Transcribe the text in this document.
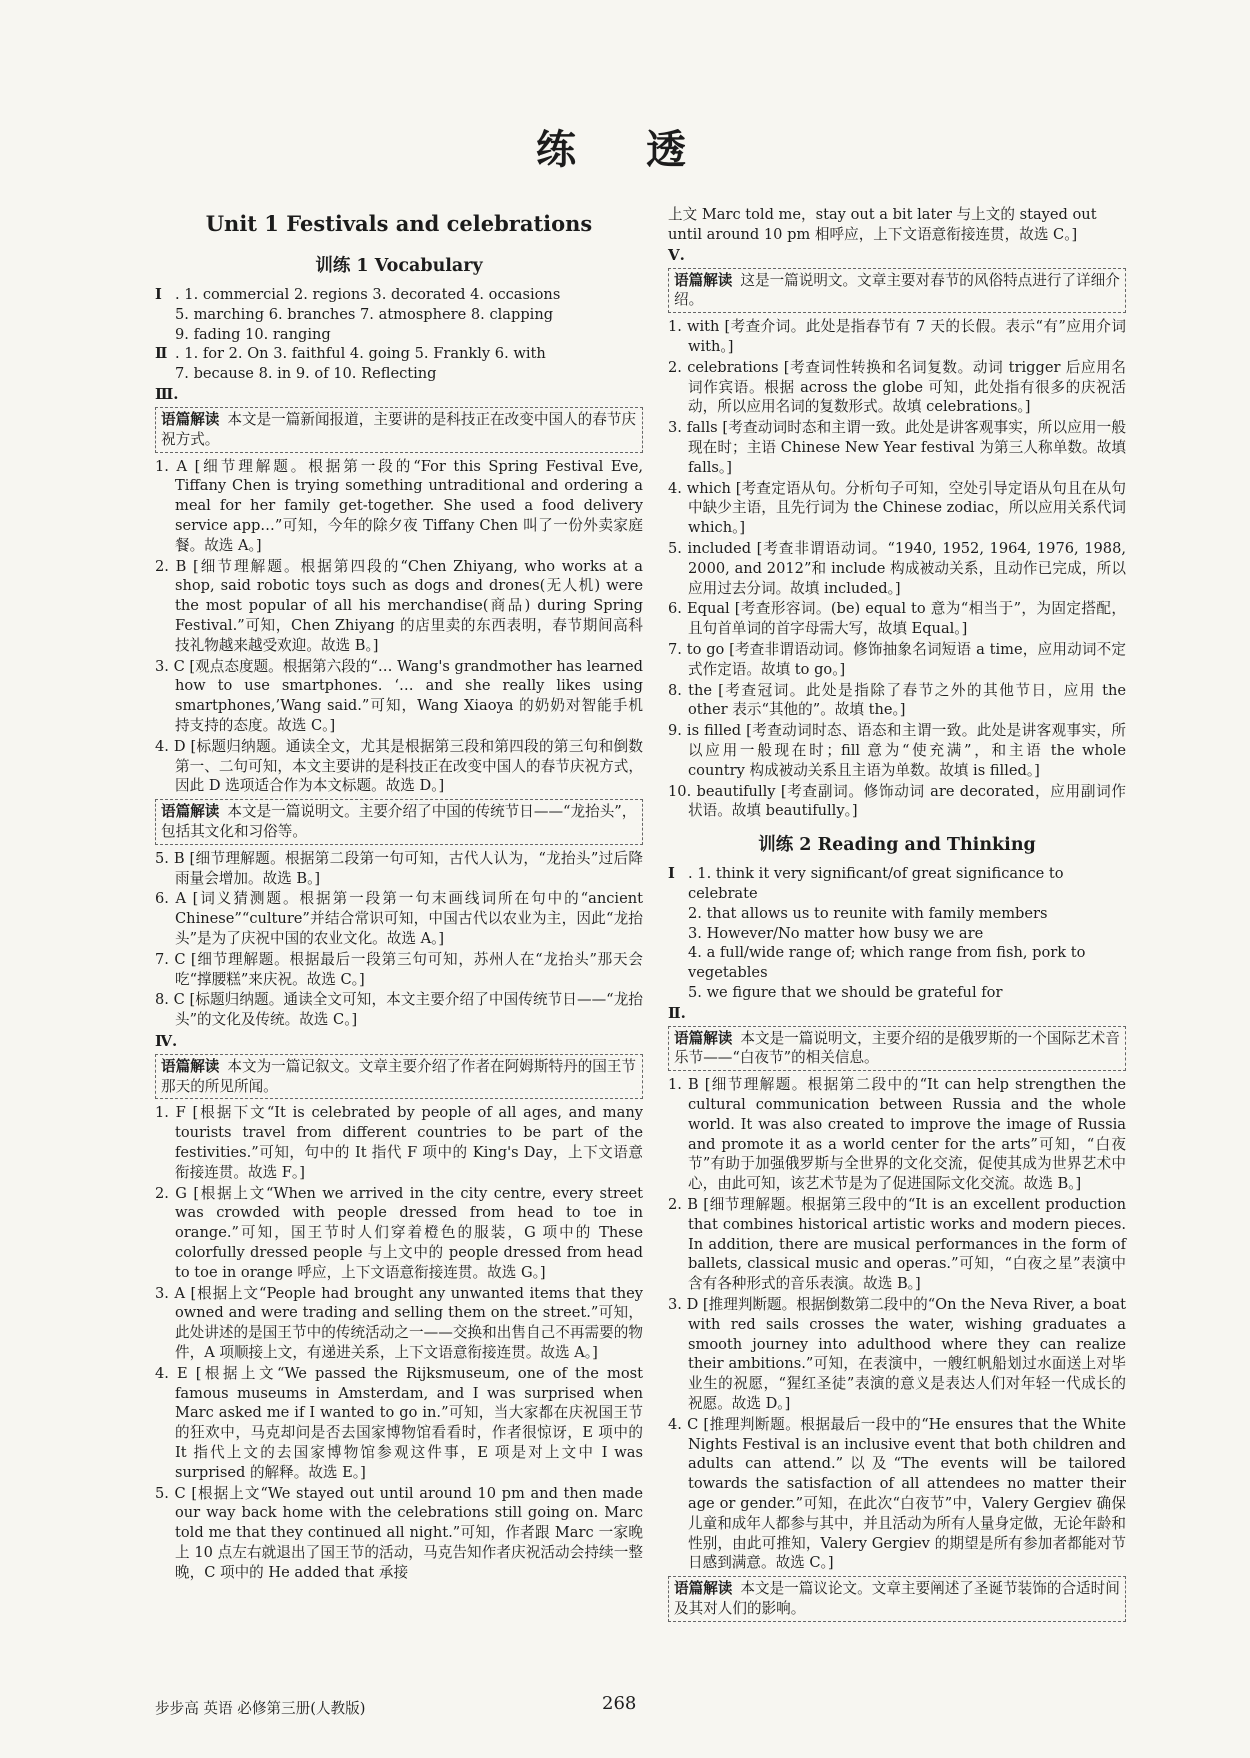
练 透
Unit 1 Festivals and celebrations
训练 1 Vocabulary
Ⅰ . 1. commercial 2. regions 3. decorated 4. occasions
5. marching 6. branches 7. atmosphere 8. clapping
9. fading 10. ranging
Ⅱ . 1. for 2. On 3. faithful 4. going 5. Frankly 6. with
7. because 8. in 9. of 10. Reflecting
Ⅲ.
语篇解读 本文是一篇新闻报道，主要讲的是科技正在改变中国人的春节庆祝方式。

1. A [细节理解题。根据第一段的“For this Spring Festival Eve, Tiffany Chen is trying something untraditional and ordering a meal for her family get-together. She used a food delivery service app…”可知，今年的除夕夜 Tiffany Chen 叫了一份外卖家庭餐。故选 A。]

2. B [细节理解题。根据第四段的“Chen Zhiyang, who works at a shop, said robotic toys such as dogs and drones(无人机) were the most popular of all his merchandise(商品) during Spring Festival.”可知，Chen Zhiyang 的店里卖的东西表明，春节期间高科技礼物越来越受欢迎。故选 B。]

3. C [观点态度题。根据第六段的“… Wang's grandmother has learned how to use smartphones. ‘… and she really likes using smartphones,’Wang said.”可知，Wang Xiaoya 的奶奶对智能手机持支持的态度。故选 C。]

4. D [标题归纳题。通读全文，尤其是根据第三段和第四段的第三句和倒数第一、二句可知，本文主要讲的是科技正在改变中国人的春节庆祝方式，因此 D 选项适合作为本文标题。故选 D。]

语篇解读 本文是一篇说明文。主要介绍了中国的传统节日——“龙抬头”，包括其文化和习俗等。

5. B [细节理解题。根据第二段第一句可知，古代人认为，“龙抬头”过后降雨量会增加。故选 B。]

6. A [词义猜测题。根据第一段第一句末画线词所在句中的“ancient Chinese”“culture”并结合常识可知，中国古代以农业为主，因此“龙抬头”是为了庆祝中国的农业文化。故选 A。]

7. C [细节理解题。根据最后一段第三句可知，苏州人在“龙抬头”那天会吃“撑腰糕”来庆祝。故选 C。]

8. C [标题归纳题。通读全文可知，本文主要介绍了中国传统节日——“龙抬头”的文化及传统。故选 C。]

Ⅳ.
语篇解读 本文为一篇记叙文。文章主要介绍了作者在阿姆斯特丹的国王节那天的所见所闻。

1. F [根据下文“It is celebrated by people of all ages, and many tourists travel from different countries to be part of the festivities.”可知，句中的 It 指代 F 项中的 King's Day，上下文语意衔接连贯。故选 F。]

2. G [根据上文“When we arrived in the city centre, every street was crowded with people dressed from head to toe in orange.”可知，国王节时人们穿着橙色的服装，G 项中的 These colorfully dressed people 与上文中的 people dressed from head to toe in orange 呼应，上下文语意衔接连贯。故选 G。]

3. A [根据上文“People had brought any unwanted items that they owned and were trading and selling them on the street.”可知，此处讲述的是国王节中的传统活动之一——交换和出售自己不再需要的物件，A 项顺接上文，有递进关系，上下文语意衔接连贯。故选 A。]

4. E [根据上文“We passed the Rijksmuseum, one of the most famous museums in Amsterdam, and I was surprised when Marc asked me if I wanted to go in.”可知，当大家都在庆祝国王节的狂欢中，马克却问是否去国家博物馆看看时，作者很惊讶，E 项中的 It 指代上文的去国家博物馆参观这件事，E 项是对上文中 I was surprised 的解释。故选 E。]

5. C [根据上文“We stayed out until around 10 pm and then made our way back home with the celebrations still going on. Marc told me that they continued all night.”可知，作者跟 Marc 一家晚上 10 点左右就退出了国王节的活动，马克告知作者庆祝活动会持续一整晚，C 项中的 He added that 承接

上文 Marc told me，stay out a bit later 与上文的 stayed out until around 10 pm 相呼应，上下文语意衔接连贯，故选 C。]

Ⅴ.
语篇解读 这是一篇说明文。文章主要对春节的风俗特点进行了详细介绍。

1. with [考查介词。此处是指春节有 7 天的长假。表示“有”应用介词 with。]

2. celebrations [考查词性转换和名词复数。动词 trigger 后应用名词作宾语。根据 across the globe 可知，此处指有很多的庆祝活动，所以应用名词的复数形式。故填 celebrations。]

3. falls [考查动词时态和主谓一致。此处是讲客观事实，所以应用一般现在时；主语 Chinese New Year festival 为第三人称单数。故填 falls。]

4. which [考查定语从句。分析句子可知，空处引导定语从句且在从句中缺少主语，且先行词为 the Chinese zodiac，所以应用关系代词 which。]

5. included [考查非谓语动词。“1940, 1952, 1964, 1976, 1988, 2000, and 2012”和 include 构成被动关系，且动作已完成，所以应用过去分词。故填 included。]

6. Equal [考查形容词。(be) equal to 意为“相当于”，为固定搭配，且句首单词的首字母需大写，故填 Equal。]

7. to go [考查非谓语动词。修饰抽象名词短语 a time，应用动词不定式作定语。故填 to go。]

8. the [考查冠词。此处是指除了春节之外的其他节日，应用 the other 表示“其他的”。故填 the。]

9. is filled [考查动词时态、语态和主谓一致。此处是讲客观事实，所以应用一般现在时；fill 意为“使充满”，和主语 the whole country 构成被动关系且主语为单数。故填 is filled。]

10. beautifully [考查副词。修饰动词 are decorated，应用副词作状语。故填 beautifully。]

训练 2 Reading and Thinking
Ⅰ . 1. think it very significant/of great significance to celebrate
2. that allows us to reunite with family members
3. However/No matter how busy we are
4. a full/wide range of; which range from fish, pork to vegetables
5. we figure that we should be grateful for
Ⅱ.
语篇解读 本文是一篇说明文，主要介绍的是俄罗斯的一个国际艺术音乐节——“白夜节”的相关信息。

1. B [细节理解题。根据第二段中的“It can help strengthen the cultural communication between Russia and the whole world. It was also created to improve the image of Russia and promote it as a world center for the arts”可知，“白夜节”有助于加强俄罗斯与全世界的文化交流，促使其成为世界艺术中心，由此可知，该艺术节是为了促进国际文化交流。故选 B。]

2. B [细节理解题。根据第三段中的“It is an excellent production that combines historical artistic works and modern pieces. In addition, there are musical performances in the form of ballets, classical music and operas.”可知，“白夜之星”表演中含有各种形式的音乐表演。故选 B。]

3. D [推理判断题。根据倒数第二段中的“On the Neva River, a boat with red sails crosses the water, wishing graduates a smooth journey into adulthood where they can realize their ambitions.”可知，在表演中，一艘红帆船划过水面送上对毕业生的祝愿，“猩红圣徒”表演的意义是表达人们对年轻一代成长的祝愿。故选 D。]

4. C [推理判断题。根据最后一段中的“He ensures that the White Nights Festival is an inclusive event that both children and adults can attend.”以及“The events will be tailored towards the satisfaction of all attendees no matter their age or gender.”可知，在此次“白夜节”中，Valery Gergiev 确保儿童和成年人都参与其中，并且活动为所有人量身定做，无论年龄和性别，由此可推知，Valery Gergiev 的期望是所有参加者都能对节日感到满意。故选 C。]

语篇解读 本文是一篇议论文。文章主要阐述了圣诞节装饰的合适时间及其对人们的影响。
步步高 英语 必修第三册(人教版)	268
